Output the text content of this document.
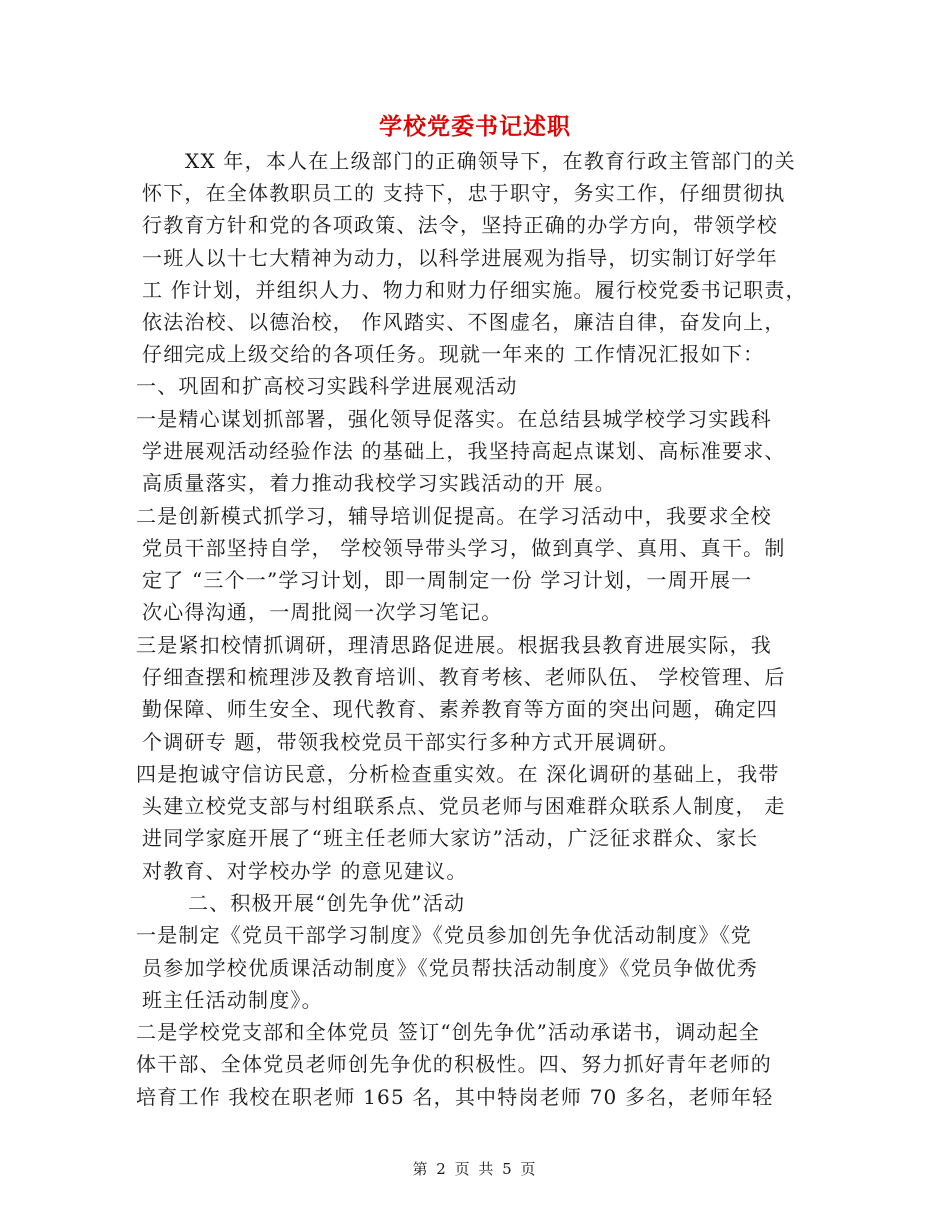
学校党委书记述职
XX 年，本人在上级部门的正确领导下，在教育行政主管部门的关
怀下，在全体教职员工的 支持下，忠于职守，务实工作，仔细贯彻执
行教育方针和党的各项政策、法令，坚持正确的办学方向，带领学校
一班人以十七大精神为动力，以科学进展观为指导，切实制订好学年
工 作计划，并组织人力、物力和财力仔细实施。履行校党委书记职责，
依法治校、以德治校， 作风踏实、不图虚名，廉洁自律，奋发向上，
仔细完成上级交给的各项任务。现就一年来的 工作情况汇报如下：
一、巩固和扩高校习实践科学进展观活动
一是精心谋划抓部署，强化领导促落实。在总结县城学校学习实践科
学进展观活动经验作法 的基础上，我坚持高起点谋划、高标准要求、
高质量落实，着力推动我校学习实践活动的开 展。
二是创新模式抓学习，辅导培训促提高。在学习活动中，我要求全校
党员干部坚持自学， 学校领导带头学习，做到真学、真用、真干。制
定了 “三个一”学习计划，即一周制定一份 学习计划，一周开展一
次心得沟通，一周批阅一次学习笔记。
三是紧扣校情抓调研，理清思路促进展。根据我县教育进展实际，我
仔细查摆和梳理涉及教育培训、教育考核、老师队伍、 学校管理、后
勤保障、师生安全、现代教育、素养教育等方面的突出问题，确定四
个调研专 题，带领我校党员干部实行多种方式开展调研。
四是抱诚守信访民意，分析检查重实效。在 深化调研的基础上，我带
头建立校党支部与村组联系点、党员老师与困难群众联系人制度， 走
进同学家庭开展了“班主任老师大家访”活动，广泛征求群众、家长
对教育、对学校办学 的意见建议。
二、积极开展“创先争优”活动
一是制定《党员干部学习制度》《党员参加创先争优活动制度》《党
员参加学校优质课活动制度》《党员帮扶活动制度》《党员争做优秀
班主任活动制度》。
二是学校党支部和全体党员 签订“创先争优”活动承诺书，调动起全
体干部、全体党员老师创先争优的积极性。四、努力抓好青年老师的
培育工作 我校在职老师 165 名，其中特岗老师 70 多名，老师年轻
第 2 页 共 5 页
